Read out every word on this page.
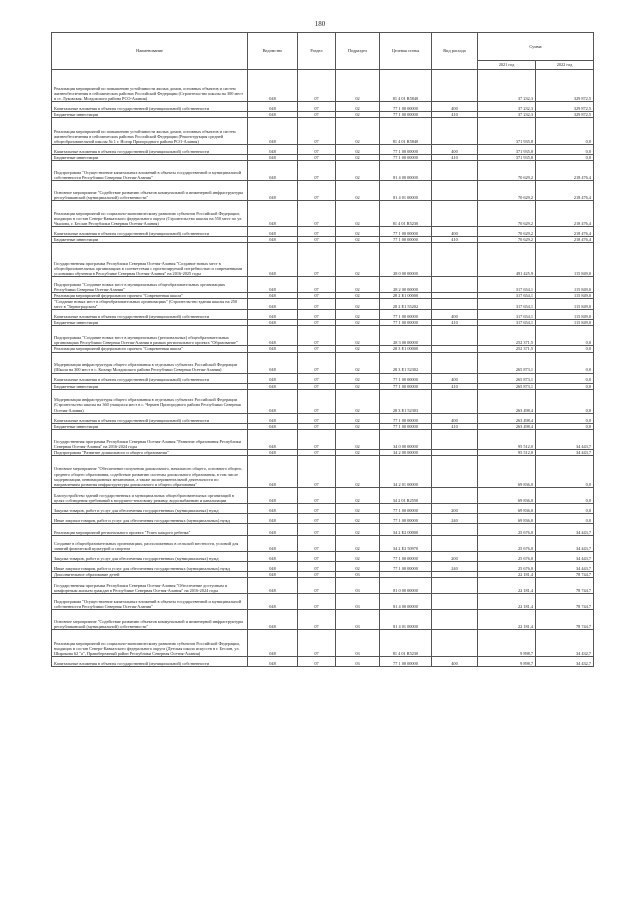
180
Наименование	Ведомство	Раздел	Подраздел	Целевая статья	Вид расхода	Сумма	
						2021 год	2022 год
Реализация мероприятий по повышению устойчивости жилых домов, основных объектов и систем жизнеобеспечения в сейсмических районах Российской Федерации (Строительство школы на 300 мест в ст. Луковская. Моздокского района РСО-Алания)	048	07	02	81 4 01 R5840		37 232,3	329 872,5
Капитальные вложения в объекты государственной (муниципальной) собственности	048	07	02	77 1 00 00000	400	37 232,3	329 872,5
Бюджетные инвестиции	048	07	02	77 1 00 00000	410	37 232,3	329 872,5
Реализация мероприятий по повышению устойчивости жилых домов, основных объектов и систем жизнеобеспечения в сейсмических районах Российской Федерации (Реконструкция средней общеобразовательной школы № 1 г. Ногир Пригородного района РСО-Алания)	048	07	02	81 4 01 R5840		371 935,8	0,0
Капитальные вложения в объекты государственной (муниципальной) собственности	048	07	02	77 1 00 00000	400	371 935,8	0,0
Бюджетные инвестиции	048	07	02	77 1 00 00000	410	371 935,8	0,0
Подпрограмма "Осуществление капитальных вложений в объекты государственной и муниципальной собственности Республики Северная Осетия-Алания"	048	07	02	81 4 00 00000		70 629,2	218 476,4
Основное мероприятие "Содействие развитию объектов коммунальной и инженерной инфраструктуры республиканской (муниципальной) собственности"	048	07	02	81 4 01 00000		70 629,2	218 476,4
Реализация мероприятий по социально-экономическому развитию субъектов Российской Федерации, входящих в состав Северо-Кавказского федерального округа (Строительство школы на 550 мест по ул. Чкалова, г. Беслан Республики Северная Осетия-Алания)	048	07	02	81 4 01 R5230		70 629,2	218 476,4
Капитальные вложения в объекты государственной (муниципальной) собственности	048	07	02	77 1 00 00000	400	70 629,2	218 476,4
Бюджетные инвестиции	048	07	02	77 1 00 00000	410	70 629,2	218 476,4
Государственная программа Республики Северная Осетия-Алания "Создание новых мест в общеобразовательных организациях в соответствии с прогнозируемой потребностью и современными условиями обучения в Республике Северная Осетия-Алания" на 2016-2025 годы	048	07	02	28 0 00 00000		491 425,9	115 849,0
Подпрограмма "Создание новых мест в муниципальных общеобразовательных организациях Республики Северная Осетия-Алания"	048	07	02	28 2 00 00000		317 654,1	115 849,0
Реализация мероприятий федерального проекта "Современная школа"	048	07	02	28 2 E1 00000		317 654,1	115 849,0
"Создание новых мест в общеобразовательных организациях" (Строительство здания школы на 250 мест в "Зерноградском"	048	07	02	28 2 E1 55202		317 654,1	115 849,0
Капитальные вложения в объекты государственной (муниципальной) собственности	048	07	02	77 1 00 00000	400	317 654,1	115 849,0
Бюджетные инвестиции	048	07	02	77 1 00 00000	410	317 654,1	115 849,0
Подпрограмма "Создание новых мест в муниципальных (региональных) общеобразовательных организациях Республики Северная Осетия-Алания в рамках регионального проекта "Образование"	048	07	02	28 3 00 00000		252 371,5	0,0
Реализация мероприятий федерального проекта "Современная школа"	048	07	02	28 3 E1 00000		252 371,5	0,0
Модернизация инфраструктуры общего образования в отдельных субъектах Российской Федерации (Школа на 300 мест в с. Кизляр Моздокского района Республики Северная Осетия-Алания)	048	07	02	28 3 E1 52302		265 873,1	0,0
Капитальные вложения в объекты государственной (муниципальной) собственности	048	07	02	77 1 00 00000	400	265 873,1	0,0
Бюджетные инвестиции	048	07	02	77 1 00 00000	410	265 873,1	0,0
Модернизация инфраструктуры общего образования в отдельных субъектах Российской Федерации (Строительство школы на 360 учащихся мест в с. Чермен Пригородного района Республики Северная Осетия-Алания)	048	07	02	28 3 E1 52303		263 498,4	0,0
Капитальные вложения в объекты государственной (муниципальной) собственности	048	07	02	77 1 00 00000	400	263 498,4	0,0
Бюджетные инвестиции	048	07	02	77 1 00 00000	410	263 498,4	0,0
Государственная программа Республики Северная Осетия-Алания "Развитие образования Республики Северная Осетия-Алания" на 2016-2024 годы	048	07	02	34 0 00 00000		95 512,0	34 443,7
Подпрограмма "Развитие дошкольного и общего образования"	048	07	02	34 2 00 00000		95 512,0	34 443,7
Основное мероприятие "Обеспечение получения дошкольного, начального общего, основного общего, среднего общего образования, содействие развитию системы дошкольного образования, в том числе модернизации, инновационных механизмов, а также экспериментальной деятельности по направлениям развития инфраструктуры дошкольного и общего образования"	048	07	02	34 2 01 00000		69 836,0	0,0
Благоустройство зданий государственных и муниципальных общеобразовательных организаций в целях соблюдения требований к воздушно-тепловому режиму, водоснабжению и канализации	048	07	02	34 2 01 R2550		69 836,0	0,0
Закупка товаров, работ и услуг для обеспечения государственных (муниципальных) нужд	048	07	02	77 1 00 00000	200	69 836,0	0,0
Иные закупки товаров, работ и услуг для обеспечения государственных (муниципальных) нужд	048	07	02	77 1 00 00000	240	69 836,0	0,0
Реализация мероприятий регионального проекта "Успех каждого ребенка"	048	07	02	34 2 E2 00000		25 676,0	34 443,7
Создание в общеобразовательных организациях, расположенных в сельской местности, условий для занятий физической культурой и спортом	048	07	02	34 2 E2 50970		25 676,0	34 443,7
Закупка товаров, работ и услуг для обеспечения государственных (муниципальных) нужд	048	07	02	77 1 00 00000	200	25 676,0	34 443,7
Иные закупки товаров, работ и услуг для обеспечения государственных (муниципальных) нужд	048	07	02	77 1 00 00000	240	25 676,0	34 443,7
Дополнительное образование детей	048	07	03			22 181,4	78 744,7
Государственная программа Республики Северная Осетия-Алания "Обеспечение доступным и комфортным жильем граждан в Республике Северная Осетия-Алания" на 2016-2024 годы	048	07	03	81 0 00 00000		22 181,4	78 744,7
Подпрограмма "Осуществление капитальных вложений в объекты государственной и муниципальной собственности Республики Северная Осетия-Алания"	048	07	03	81 4 00 00000		22 181,4	78 744,7
Основное мероприятие "Содействие развитию объектов коммунальной и инженерной инфраструктуры республиканской (муниципальной) собственности"	048	07	03	81 4 01 00000		22 181,4	78 744,7
Реализация мероприятий по социально-экономическому развитию субъектов Российской Федерации, входящих в состав Северо-Кавказского федерального округа (Детская школа искусств в г. Беслан, ул. Широкова 62 "а", Правобережный район Республики Северная Осетия-Алания)	048	07	03	81 4 01 R5230		9 898,7	34 432,7
Капитальные вложения в объекты государственной (муниципальной) собственности	048	07	03	77 1 00 00000	400	9 898,7	34 432,7
